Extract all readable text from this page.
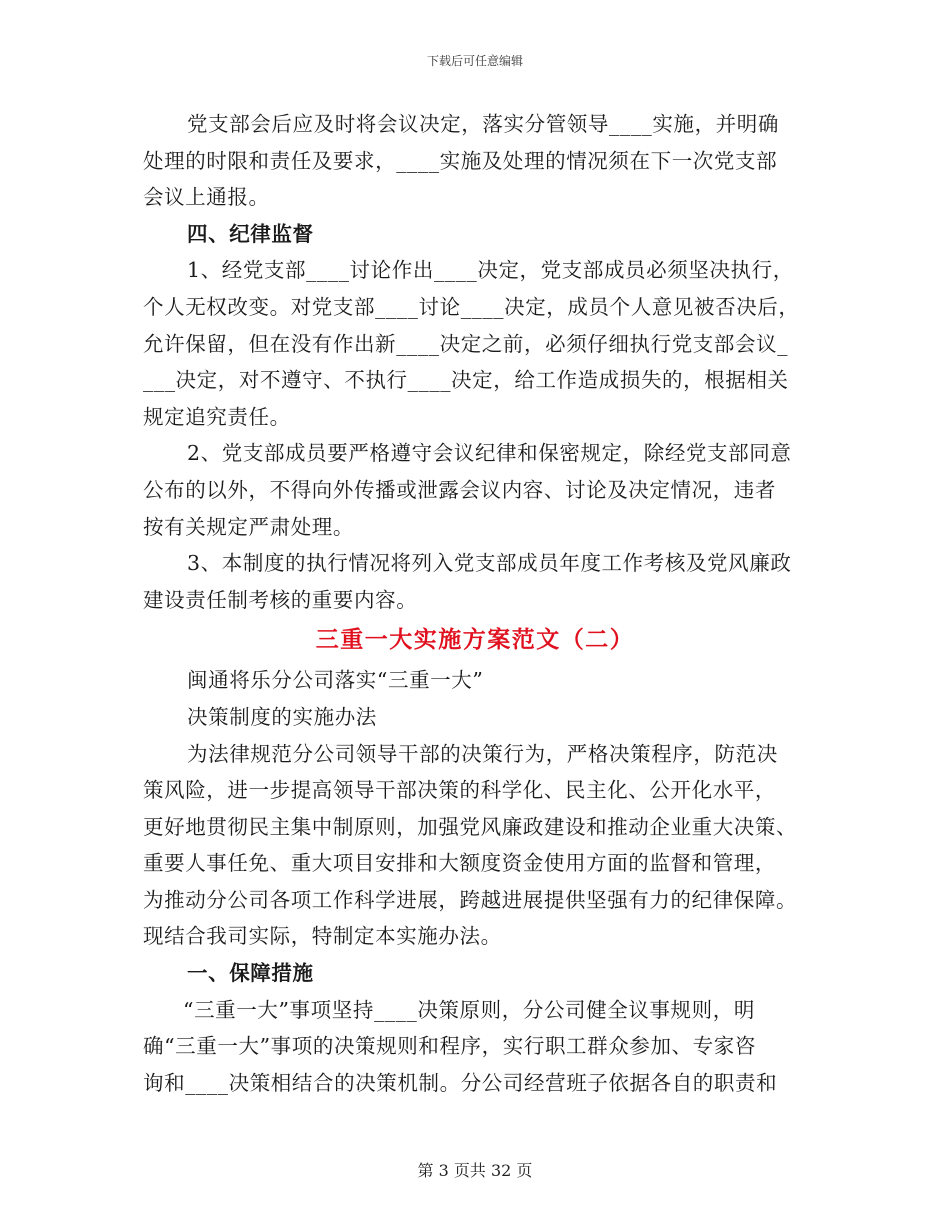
下载后可任意编辑
党支部会后应及时将会议决定，落实分管领导____实施，并明确
处理的时限和责任及要求，____实施及处理的情况须在下一次党支部
会议上通报。
四、纪律监督
1、经党支部____讨论作出____决定，党支部成员必须坚决执行，
个人无权改变。对党支部____讨论____决定，成员个人意见被否决后，
允许保留，但在没有作出新____决定之前，必须仔细执行党支部会议_
___决定，对不遵守、不执行____决定，给工作造成损失的，根据相关
规定追究责任。
2、党支部成员要严格遵守会议纪律和保密规定，除经党支部同意
公布的以外，不得向外传播或泄露会议内容、讨论及决定情况，违者
按有关规定严肃处理。
3、本制度的执行情况将列入党支部成员年度工作考核及党风廉政
建设责任制考核的重要内容。
三重一大实施方案范文（二）
闽通将乐分公司落实“三重一大”
决策制度的实施办法
为法律规范分公司领导干部的决策行为，严格决策程序，防范决
策风险，进一步提高领导干部决策的科学化、民主化、公开化水平，
更好地贯彻民主集中制原则，加强党风廉政建设和推动企业重大决策、
重要人事任免、重大项目安排和大额度资金使用方面的监督和管理，
为推动分公司各项工作科学进展，跨越进展提供坚强有力的纪律保障。
现结合我司实际，特制定本实施办法。
一、保障措施
“三重一大”事项坚持____决策原则，分公司健全议事规则，明
确“三重一大”事项的决策规则和程序，实行职工群众参加、专家咨
询和____决策相结合的决策机制。分公司经营班子依据各自的职责和
第 3 页共 32 页
